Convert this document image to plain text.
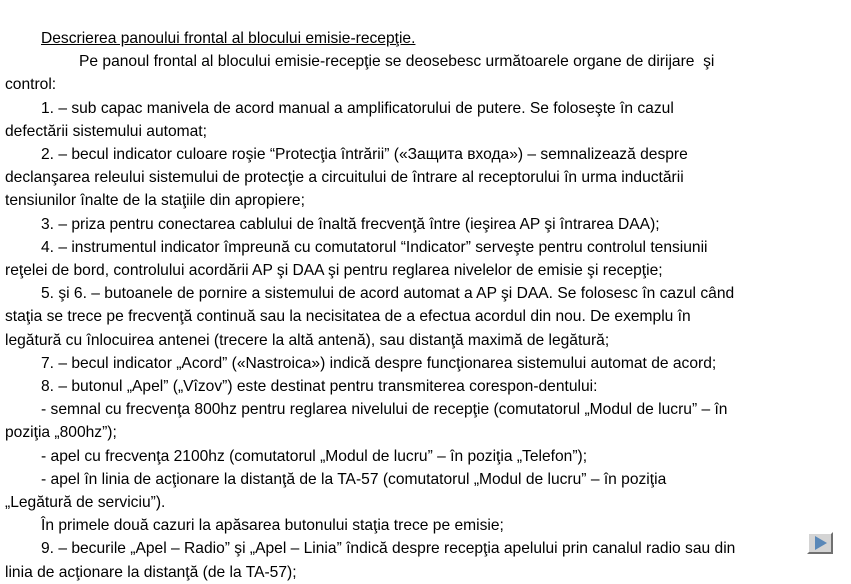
Descrierea panoului frontal al blocului emisie-recepţie.
Pe panoul frontal al blocului emisie-recepţie se deosebesc următoarele organe de dirijare  şi
control:
1. – sub capac manivela de acord manual a amplificatorului de putere. Se foloseşte în cazul
defectării sistemului automat;
2. – becul indicator culoare roşie “Protecţia întrării” («Защита входа») – semnalizează despre
declanşarea releului sistemului de protecţie a circuitului de întrare al receptorului în urma inductării
tensiunilor înalte de la staţiile din apropiere;
3. – priza pentru conectarea cablului de înaltă frecvenţă între (ieşirea AP şi întrarea DAA);
4. – instrumentul indicator împreună cu comutatorul “Indicator” serveşte pentru controlul tensiunii
reţelei de bord, controlului acordării AP şi DAA şi pentru reglarea nivelelor de emisie şi recepţie;
5. şi 6. – butoanele de pornire a sistemului de acord automat a AP şi DAA. Se folosesc în cazul când
staţia se trece pe frecvenţă continuă sau la necisitatea de a efectua acordul din nou. De exemplu în
legătură cu înlocuirea antenei (trecere la altă antenă), sau distanţă maximă de legătură;
7. – becul indicator „Acord” («Nastroica») indică despre funcţionarea sistemului automat de acord;
8. – butonul „Apel” („Vîzov”) este destinat pentru transmiterea corespon-dentului:
- semnal cu frecvenţa 800hz pentru reglarea nivelului de recepţie (comutatorul „Modul de lucru” – în
poziţia „800hz”);
- apel cu frecvenţa 2100hz (comutatorul „Modul de lucru” – în poziţia „Telefon”);
- apel în linia de acţionare la distanţă de la TA-57 (comutatorul „Modul de lucru” – în poziţia
„Legătură de serviciu”).
În primele două cazuri la apăsarea butonului staţia trece pe emisie;
9. – becurile „Apel – Radio” şi „Apel – Linia” îndică despre recepţia apelului prin canalul radio sau din
linia de acţionare la distanţă (de la TA-57);
